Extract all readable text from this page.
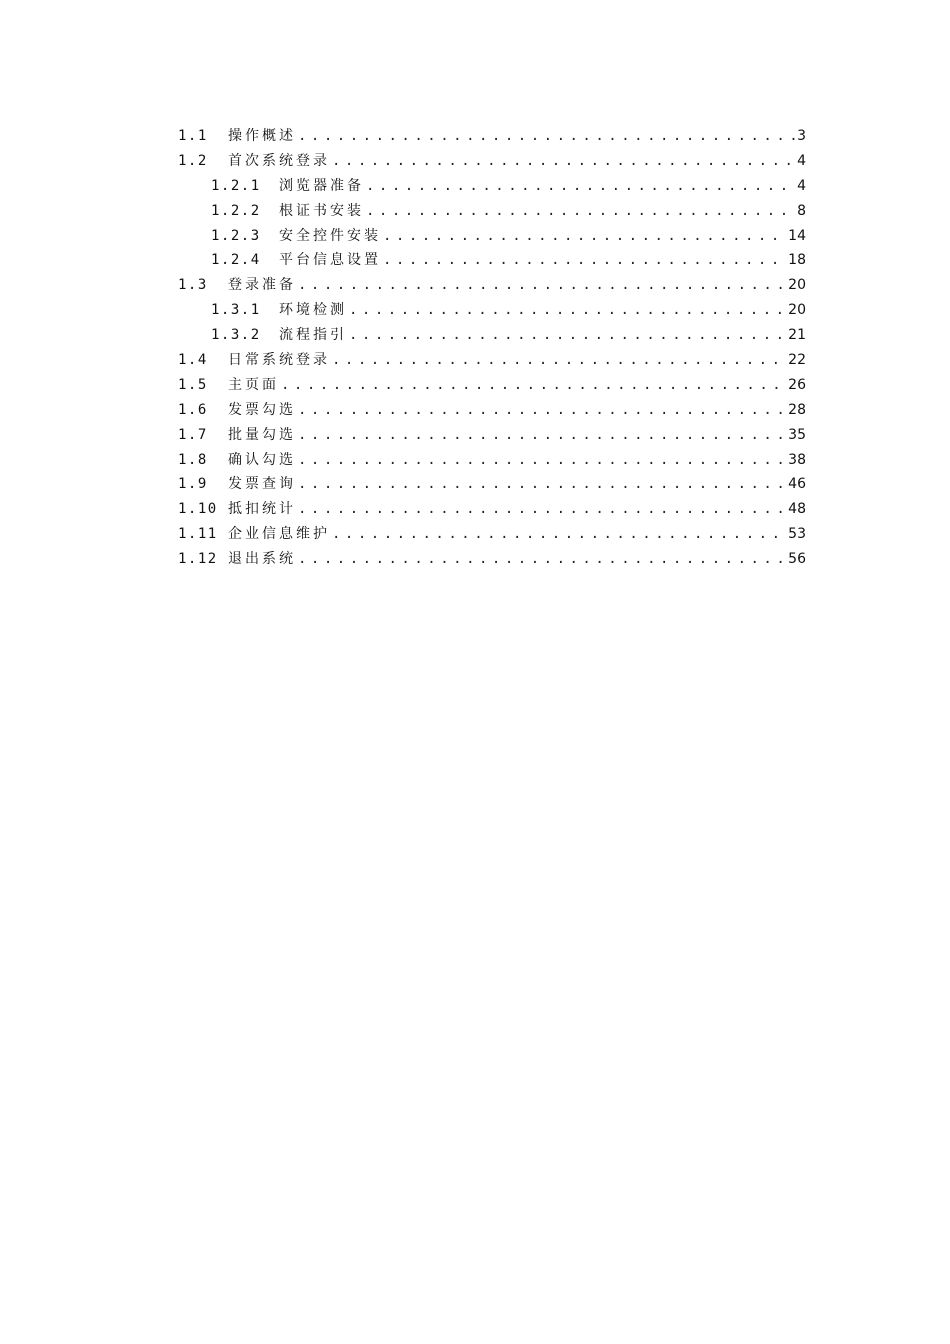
1.1	操作概述 .....	3
1.2	首次系统登录 .....	4
1.2.1	浏览器准备 .....	4
1.2.2	根证书安装 .....	8
1.2.3	安全控件安装 .....	14
1.2.4	平台信息设置 .....	18
1.3	登录准备 .....	20
1.3.1	环境检测 .....	20
1.3.2	流程指引 .....	21
1.4	日常系统登录 .....	22
1.5	主页面 .....	26
1.6	发票勾选 .....	28
1.7	批量勾选 .....	35
1.8	确认勾选 .....	38
1.9	发票查询 .....	46
1.10 抵扣统计 .....	48
1.11 企业信息维护 .....	53
1.12 退出系统 .....	56
